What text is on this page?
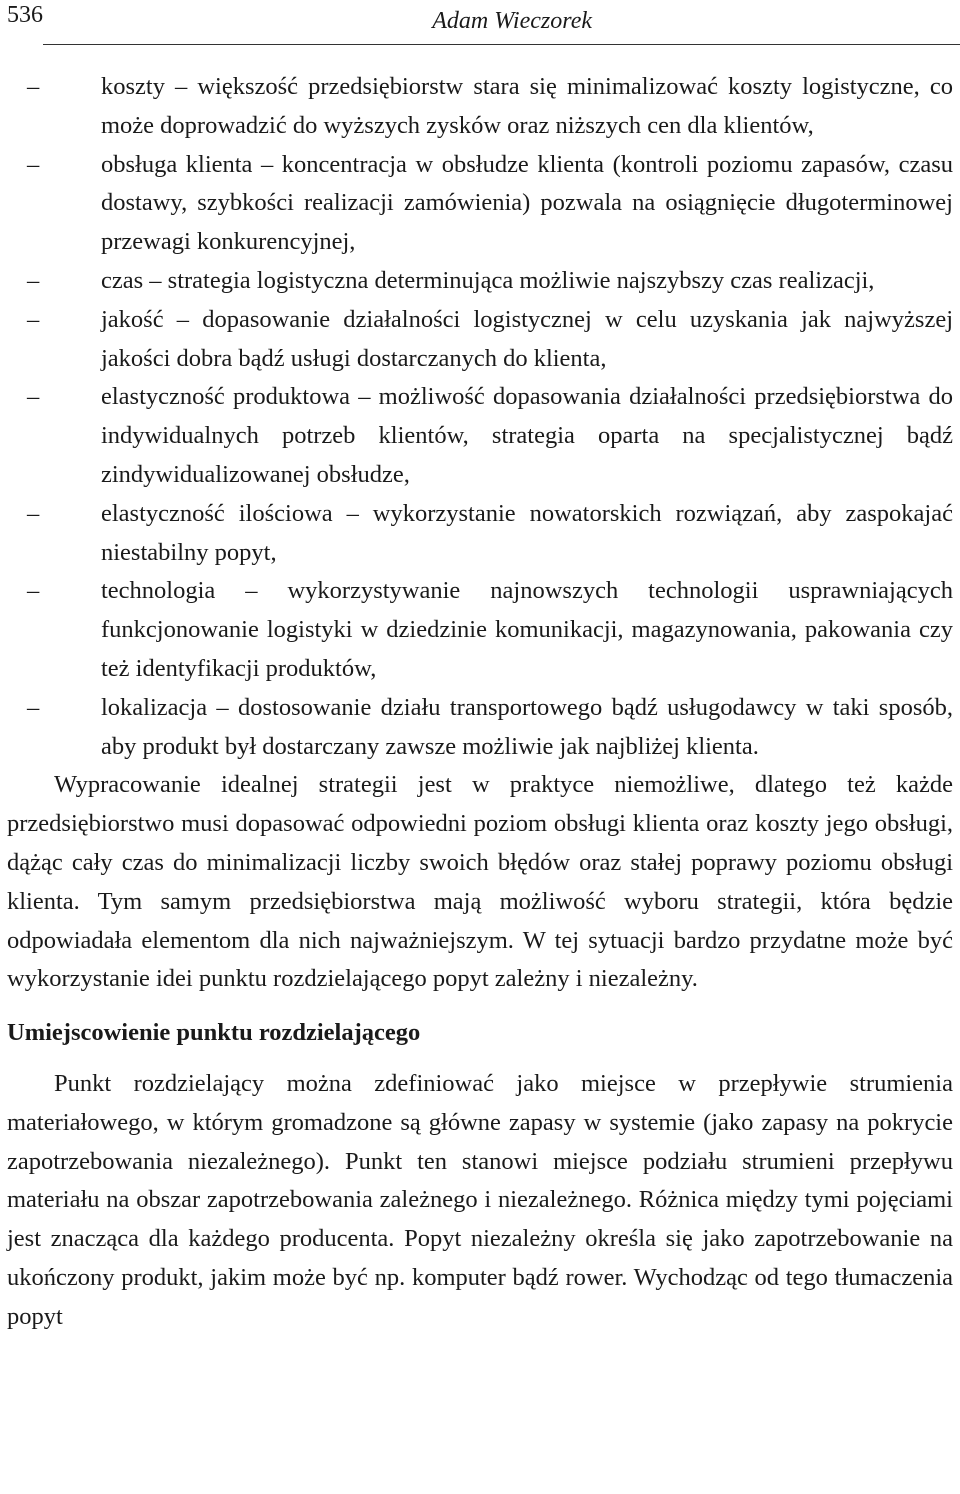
536	Adam Wieczorek
–	koszty – większość przedsiębiorstw stara się minimalizować koszty logistyczne, co może doprowadzić do wyższych zysków oraz niższych cen dla klientów,
–	obsługa klienta – koncentracja w obsłudze klienta (kontroli poziomu zapasów, czasu dostawy, szybkości realizacji zamówienia) pozwala na osiągnięcie długoterminowej przewagi konkurencyjnej,
–	czas – strategia logistyczna determinująca możliwie najszybszy czas realizacji,
–	jakość – dopasowanie działalności logistycznej w celu uzyskania jak najwyższej jakości dobra bądź usługi dostarczanych do klienta,
–	elastyczność produktowa – możliwość dopasowania działalności przedsiębiorstwa do indywidualnych potrzeb klientów, strategia oparta na specjalistycznej bądź zindywidualizowanej obsłudze,
–	elastyczność ilościowa – wykorzystanie nowatorskich rozwiązań, aby zaspokajać niestabilny popyt,
–	technologia – wykorzystywanie najnowszych technologii usprawniających funkcjonowanie logistyki w dziedzinie komunikacji, magazynowania, pakowania czy też identyfikacji produktów,
–	lokalizacja – dostosowanie działu transportowego bądź usługodawcy w taki sposób, aby produkt był dostarczany zawsze możliwie jak najbliżej klienta.

Wypracowanie idealnej strategii jest w praktyce niemożliwe, dlatego też każde przedsiębiorstwo musi dopasować odpowiedni poziom obsługi klienta oraz koszty jego obsługi, dążąc cały czas do minimalizacji liczby swoich błędów oraz stałej poprawy poziomu obsługi klienta. Tym samym przedsiębiorstwa mają możliwość wyboru strategii, która będzie odpowiadała elementom dla nich najważniejszym. W tej sytuacji bardzo przydatne może być wykorzystanie idei punktu rozdzielającego popyt zależny i niezależny.

Umiejscowienie punktu rozdzielającego

Punkt rozdzielający można zdefiniować jako miejsce w przepływie strumienia materiałowego, w którym gromadzone są główne zapasy w systemie (jako zapasy na pokrycie zapotrzebowania niezależnego). Punkt ten stanowi miejsce podziału strumieni przepływu materiału na obszar zapotrzebowania zależnego i niezależnego. Różnica między tymi pojęciami jest znacząca dla każdego producenta. Popyt niezależny określa się jako zapotrzebowanie na ukończony produkt, jakim może być np. komputer bądź rower. Wychodząc od tego tłumaczenia popyt
